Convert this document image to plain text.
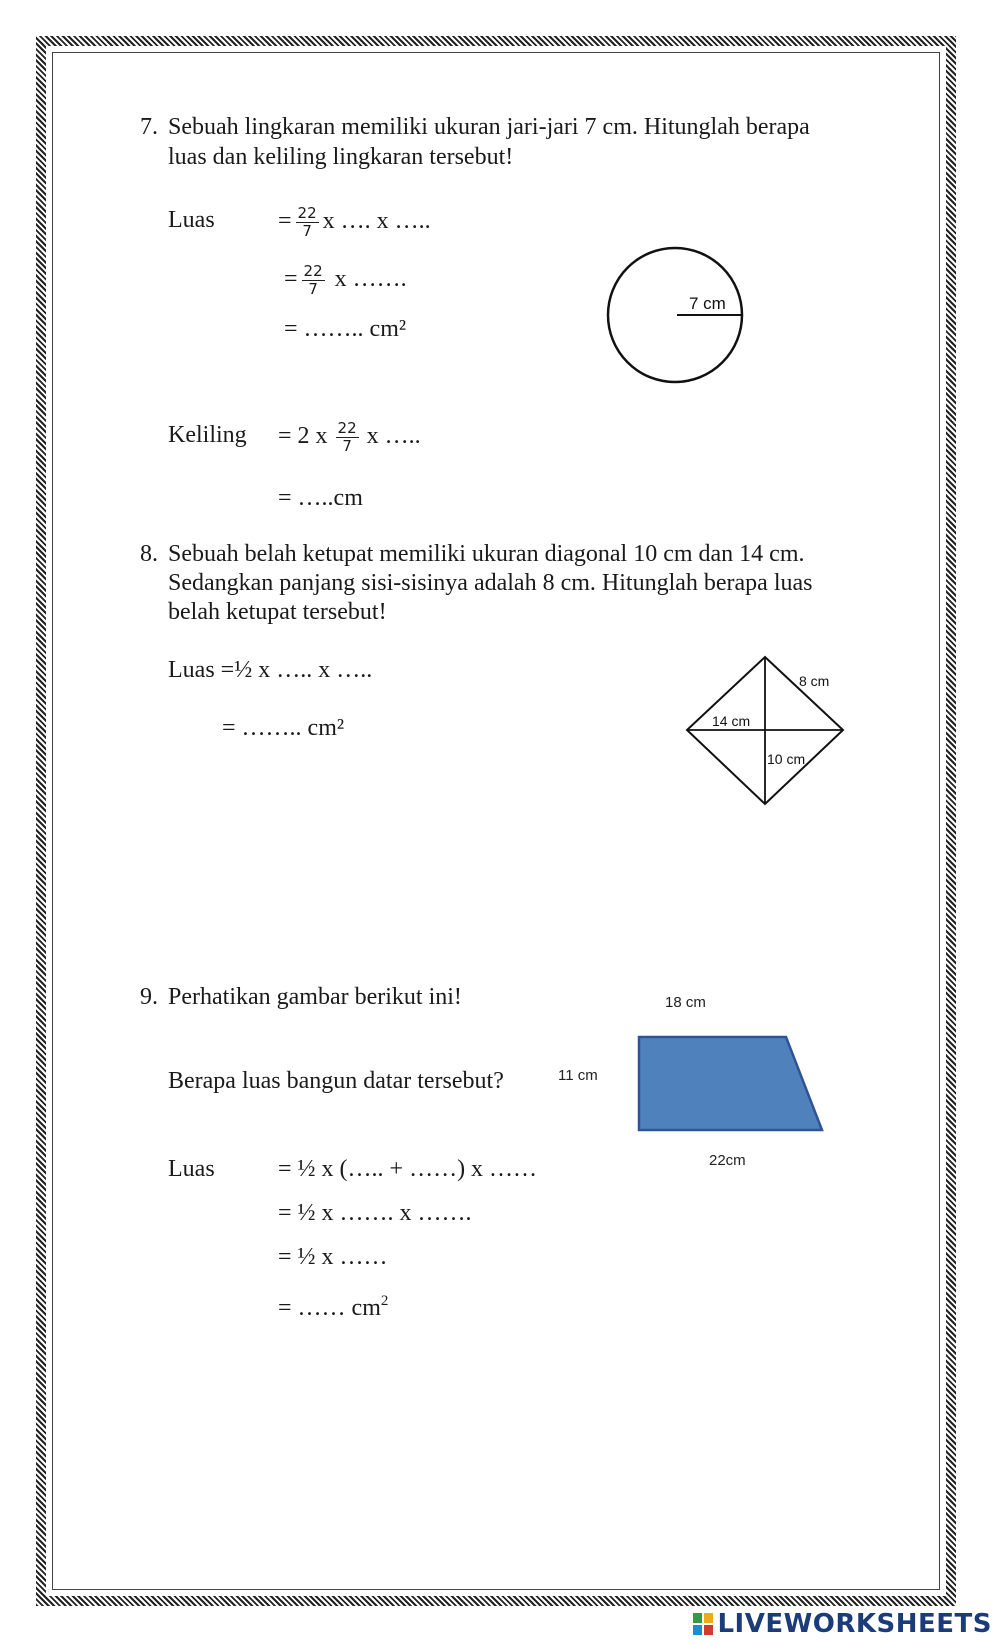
7. Sebuah lingkaran memiliki ukuran jari-jari 7 cm. Hitunglah berapa
luas dan keliling lingkaran tersebut!
Luas	= $\frac{22}{7}$ x …. x …..
= $\frac{22}{7}$ x …….
= …….. cm²
7 cm
Keliling = 2 x $\frac{22}{7}$ x …..
= …..cm
8. Sebuah belah ketupat memiliki ukuran diagonal 10 cm dan 14 cm.
Sedangkan panjang sisi-sisinya adalah 8 cm. Hitunglah berapa luas
belah ketupat tersebut!
Luas =½ x ….. x …..
= …….. cm²
8 cm
14 cm
10 cm
9. Perhatikan gambar berikut ini!
Berapa luas bangun datar tersebut?
18 cm
11 cm
22cm
Luas	= ½ x (….. + ……) x ……
= ½ x ……. x …….
= ½ x ……
= …… $cm^2$
LIVEWORKSHEETS
